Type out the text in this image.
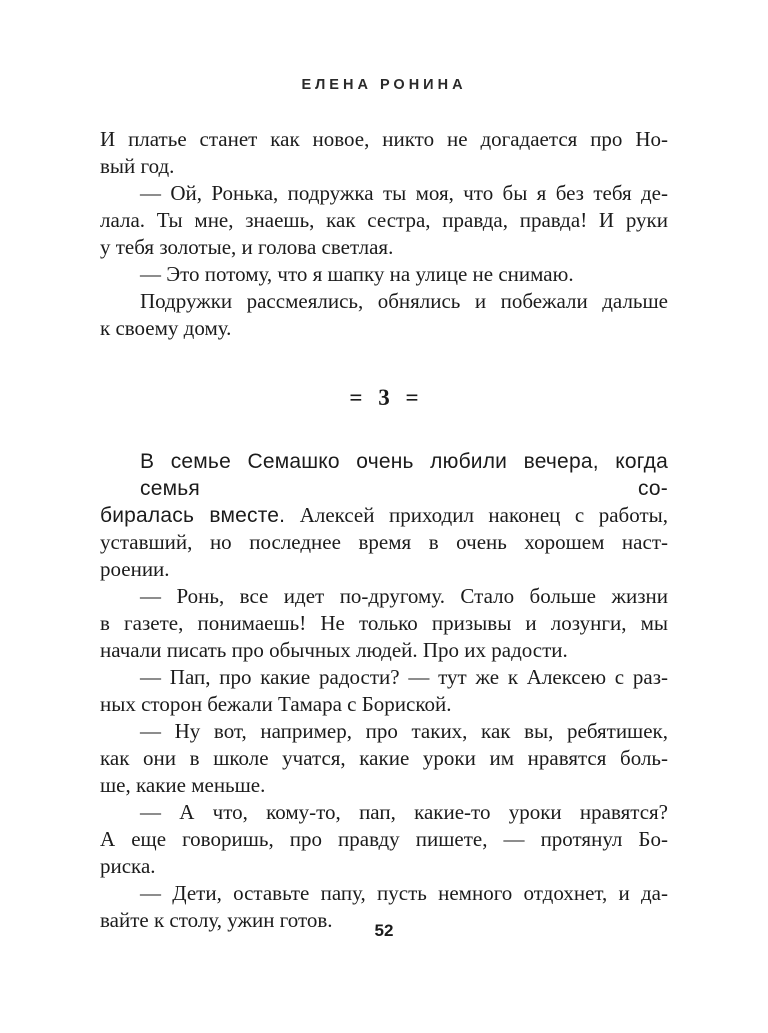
ЕЛЕНА РОНИНА
И платье станет как новое, никто не догадается про Но-
вый год.
— Ой, Ронька, подружка ты моя, что бы я без тебя де-
лала. Ты мне, знаешь, как сестра, правда, правда! И руки
у тебя золотые, и голова светлая.
— Это потому, что я шапку на улице не снимаю.
Подружки рассмеялись, обнялись и побежали дальше
к своему дому.
= 3 =
В семье Семашко очень любили вечера, когда семья со-
биралась вместе. Алексей приходил наконец с работы,
уставший, но последнее время в очень хорошем наст-
роении.
— Ронь, все идет по-другому. Стало больше жизни
в газете, понимаешь! Не только призывы и лозунги, мы
начали писать про обычных людей. Про их радости.
— Пап, про какие радости? — тут же к Алексею с раз-
ных сторон бежали Тамара с Бориской.
— Ну вот, например, про таких, как вы, ребятишек,
как они в школе учатся, какие уроки им нравятся боль-
ше, какие меньше.
— А что, кому-то, пап, какие-то уроки нравятся?
А еще говоришь, про правду пишете, — протянул Бо-
риска.
— Дети, оставьте папу, пусть немного отдохнет, и да-
вайте к столу, ужин готов.	52
